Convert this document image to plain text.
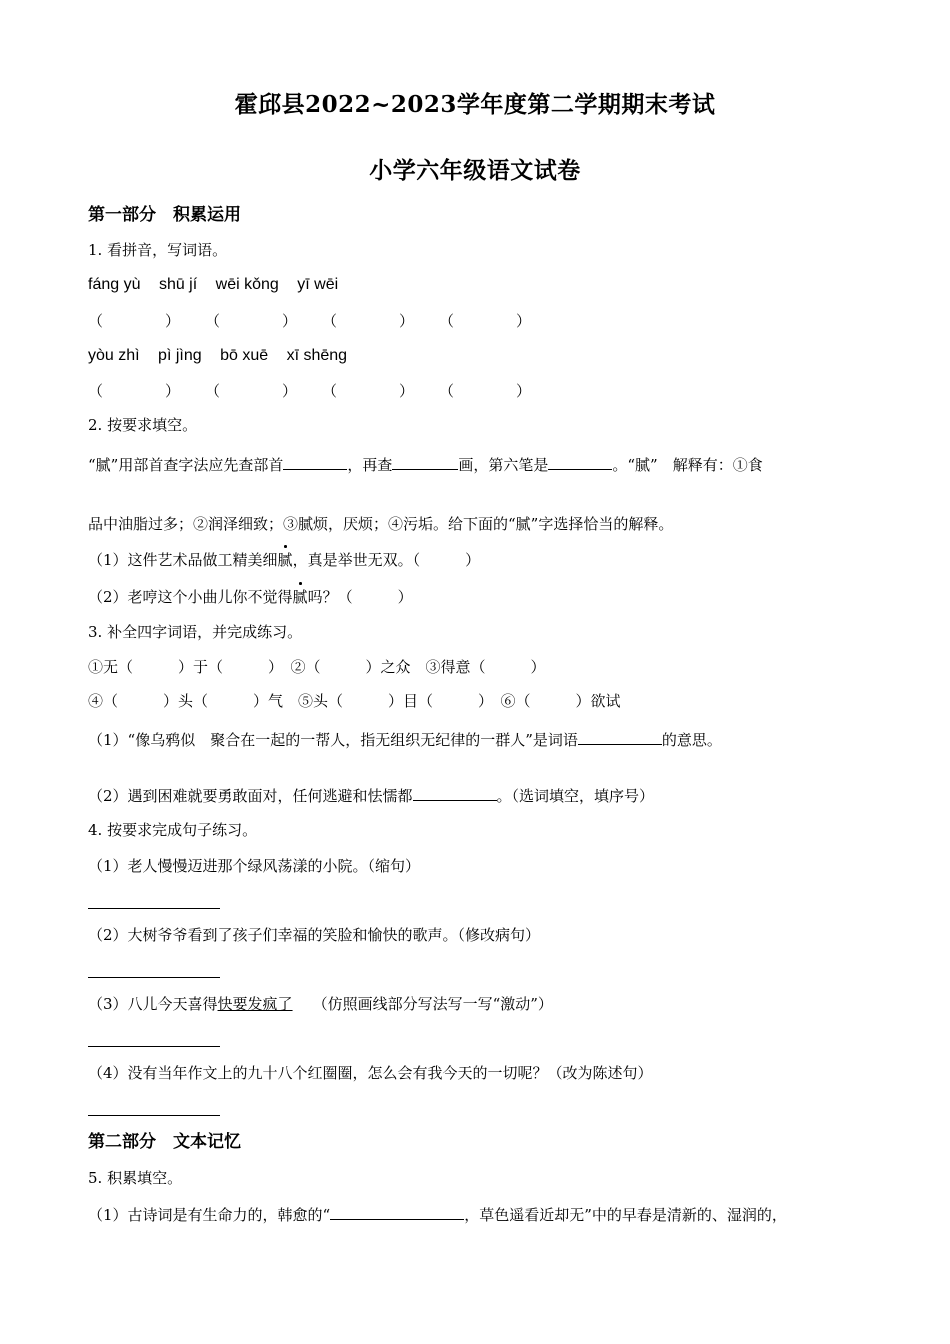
霍邱县2022~2023学年度第二学期期末考试
小学六年级语文试卷
第一部分　积累运用
1. 看拼音，写词语。
fáng yù shū jí wēi kǒng yī wēi
（	） （	） （	） （	）
yòu zhì pì jìng bō xuē xī shēng
（	） （	） （	） （	）
2. 按要求填空。
“腻”用部首查字法应先查部首	，再查	画，第六笔是	。“腻”　解释有：①食
品中油脂过多；②润泽细致；③腻烦，厌烦；④污垢。给下面的“腻”字选择恰当的解释。
（1）这件艺术品做工精美细腻，真是举世无双。（　　　）
（2）老哼这个小曲儿你不觉得腻吗？（　　　）
3. 补全四字词语，并完成练习。
①无（　　　）于（　　　）　②（　　　）之众　③得意（　　　）
④（　　　）头（　　　）气　⑤头（　　　）目（　　　）　⑥（　　　）欲试
（1）“像乌鸦似　聚合在一起的一帮人，指无组织无纪律的一群人”是词语	的意思。
（2）遇到困难就要勇敢面对，任何逃避和怯懦都	。（选词填空，填序号）
4. 按要求完成句子练习。
（1）老人慢慢迈进那个绿风荡漾的小院。（缩句）
（2）大树爷爷看到了孩子们幸福的笑脸和愉快的歌声。（修改病句）
（3）八儿今天喜得快要发疯了 （仿照画线部分写法写一写“激动”）
（4）没有当年作文上的九十八个红圈圈，怎么会有我今天的一切呢？（改为陈述句）
第二部分　文本记忆
5. 积累填空。
（1）古诗词是有生命力的，韩愈的“	，草色遥看近却无”中的早春是清新的、湿润的，
